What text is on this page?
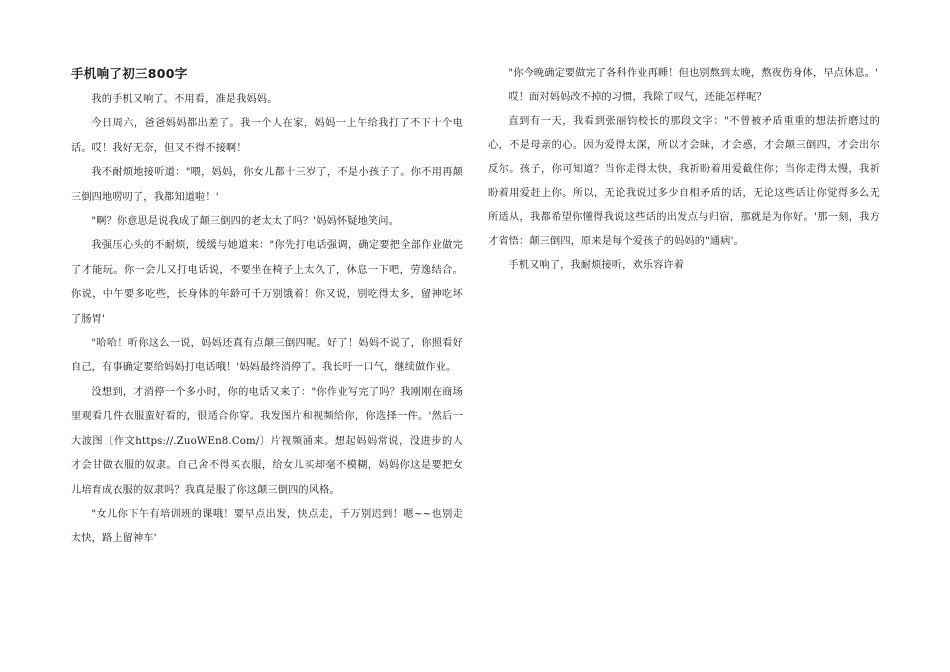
手机响了初三800字

我的手机又响了。不用看，准是我妈妈。

今日周六，爸爸妈妈都出差了。我一个人在家，妈妈一上午给我打了不下十个电话。哎！我好无奈，但又不得不接啊！

我不耐烦地接听道："喂，妈妈，你女儿都十三岁了，不是小孩子了。你不用再颠三倒四地唠叨了，我都知道啦！'

"啊？你意思是说我成了颠三倒四的老太太了吗？'妈妈怀疑地笑问。

我强压心头的不耐烦，缓缓与她道来："你先打电话强调，确定要把全部作业做完了才能玩。你一会儿又打电话说，不要坐在椅子上太久了，休息一下吧，劳逸结合。你说，中午要多吃些，长身体的年龄可千万别饿着！你又说，别吃得太多，留神吃坏了肠胃'

"哈哈！听你这么一说，妈妈还真有点颠三倒四呢。好了！妈妈不说了，你照看好自己，有事确定要给妈妈打电话哦！'妈妈最终消停了。我长吁一口气，继续做作业。

没想到，才消停一个多小时，你的电话又来了："你作业写完了吗？我刚刚在商场里观看几件衣服蛮好看的，很适合你穿。我发图片和视频给你，你选择一件。'然后一大波图〔作文https://.ZuoWEn8.Com/〕片视频涌来。想起妈妈常说，没进步的人才会甘做衣服的奴隶。自己舍不得买衣服，给女儿买却毫不模糊，妈妈你这是要把女儿培育成衣服的奴隶吗？我真是服了你这颠三倒四的风格。

"女儿你下午有培训班的课哦！要早点出发，快点走，千万别迟到！嗯~~也别走太快，路上留神车'

"你今晚确定要做完了各科作业再睡！但也别熬到太晚，熬夜伤身体，早点休息。'

哎！面对妈妈改不掉的习惯，我除了叹气，还能怎样呢？

直到有一天，我看到张丽钧校长的那段文字："不曾被矛盾重重的想法折磨过的心，不是母亲的心。因为爱得太深，所以才会昧，才会惑，才会颠三倒四，才会出尔反尔。孩子，你可知道？当你走得太快，我祈盼着用爱截住你；当你走得太慢，我祈盼着用爱赶上你。所以，无论我说过多少自相矛盾的话，无论这些话让你觉得多么无所适从，我都希望你懂得我说这些话的出发点与归宿，那就是为你好。'那一刻，我方才省悟：颠三倒四，原来是每个爱孩子的妈妈的"通病'。

手机又响了，我耐烦接听，欢乐容许着
